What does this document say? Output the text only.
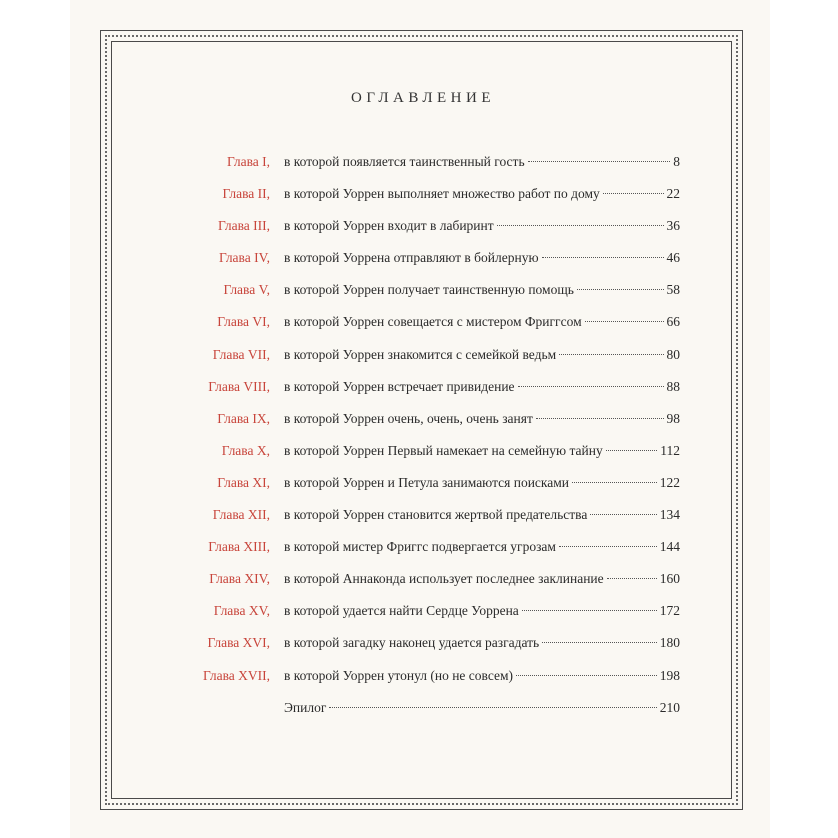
ОГЛАВЛЕНИЕ
Глава I, в которой появляется таинственный гость	8
Глава II, в которой Уоррен выполняет множество работ по дому	22
Глава III, в которой Уоррен входит в лабиринт	36
Глава IV, в которой Уоррена отправляют в бойлерную	46
Глава V, в которой Уоррен получает таинственную помощь	58
Глава VI, в которой Уоррен совещается с мистером Фриггсом	66
Глава VII, в которой Уоррен знакомится с семейкой ведьм	80
Глава VIII, в которой Уоррен встречает привидение	88
Глава IX, в которой Уоррен очень, очень, очень занят	98
Глава X, в которой Уоррен Первый намекает на семейную тайну	112
Глава XI, в которой Уоррен и Петула занимаются поисками	122
Глава XII, в которой Уоррен становится жертвой предательства	134
Глава XIII, в которой мистер Фриггс подвергается угрозам	144
Глава XIV, в которой Аннаконда использует последнее заклинание	160
Глава XV, в которой удается найти Сердце Уоррена	172
Глава XVI, в которой загадку наконец удается разгадать	180
Глава XVII, в которой Уоррен утонул (но не совсем)	198
Эпилог	210
